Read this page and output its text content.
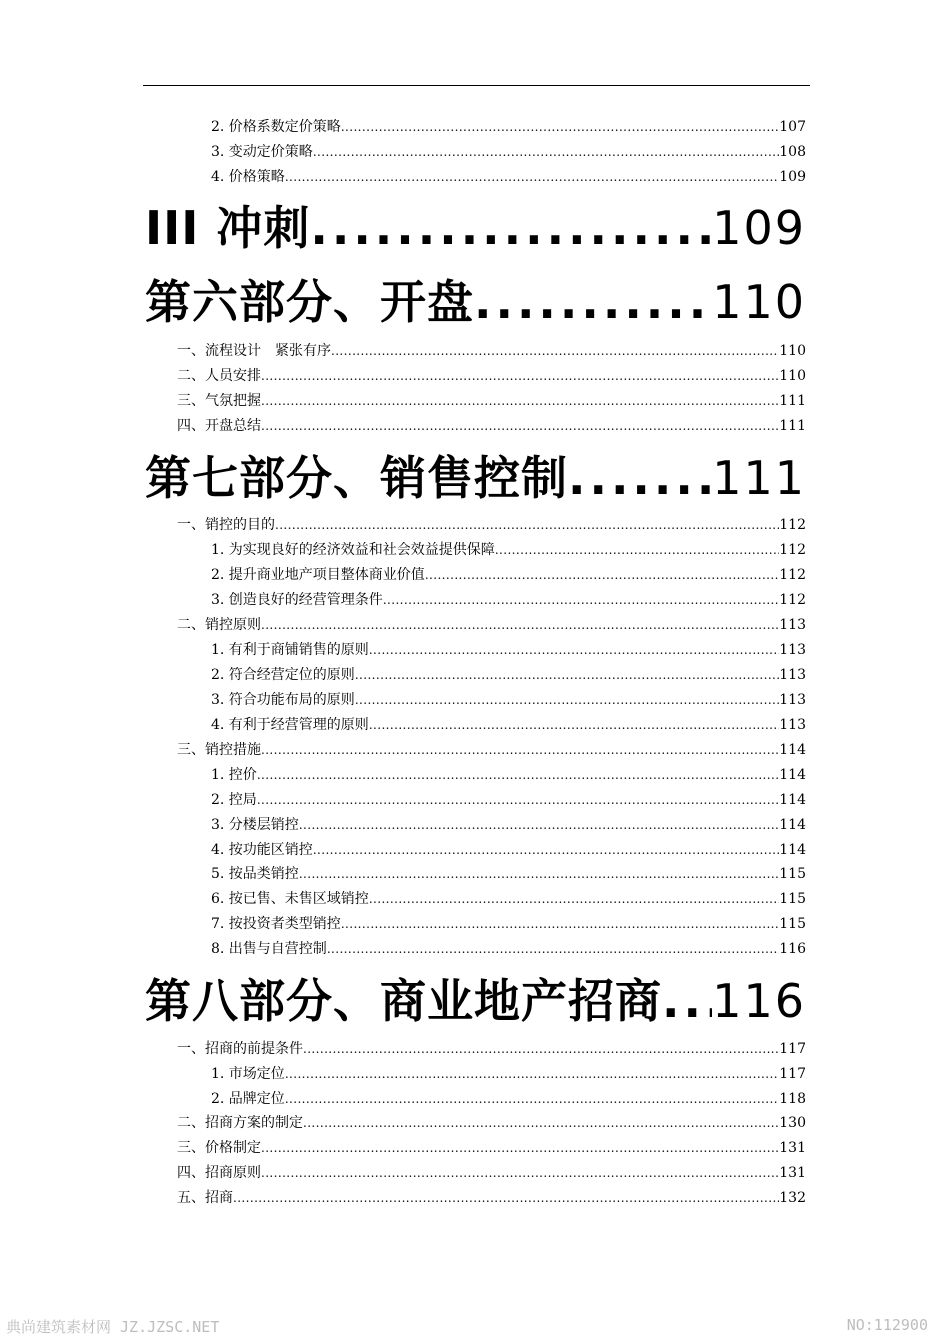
2. 价格系数定价策略 .....	107
3. 变动定价策略 .....	108
4. 价格策略 .....	109
III 冲刺 .....	109
第六部分、开盘 .....	110
一、流程设计　紧张有序 .....	110
二、人员安排 .....	110
三、气氛把握 .....	111
四、开盘总结 .....	111
第七部分、销售控制 .....	111
一、销控的目的 .....	112
1. 为实现良好的经济效益和社会效益提供保障 .....	112
2. 提升商业地产项目整体商业价值 .....	112
3. 创造良好的经营管理条件 .....	112
二、销控原则 .....	113
1. 有利于商铺销售的原则 .....	113
2. 符合经营定位的原则 .....	113
3. 符合功能布局的原则 .....	113
4. 有利于经营管理的原则 .....	113
三、销控措施 .....	114
1. 控价 .....	114
2. 控局 .....	114
3. 分楼层销控 .....	114
4. 按功能区销控 .....	114
5. 按品类销控 .....	115
6. 按已售、未售区域销控 .....	115
7. 按投资者类型销控 .....	115
8. 出售与自营控制 .....	116
第八部分、商业地产招商 ..... 116
一、招商的前提条件 .....	117
1. 市场定位 .....	117
2. 品牌定位 .....	118
二、招商方案的制定 .....	130
三、价格制定 .....	131
四、招商原则 .....	131
五、招商 .....	132
典尚建筑素材网 JZ.JZSC.NET	NO:112900
